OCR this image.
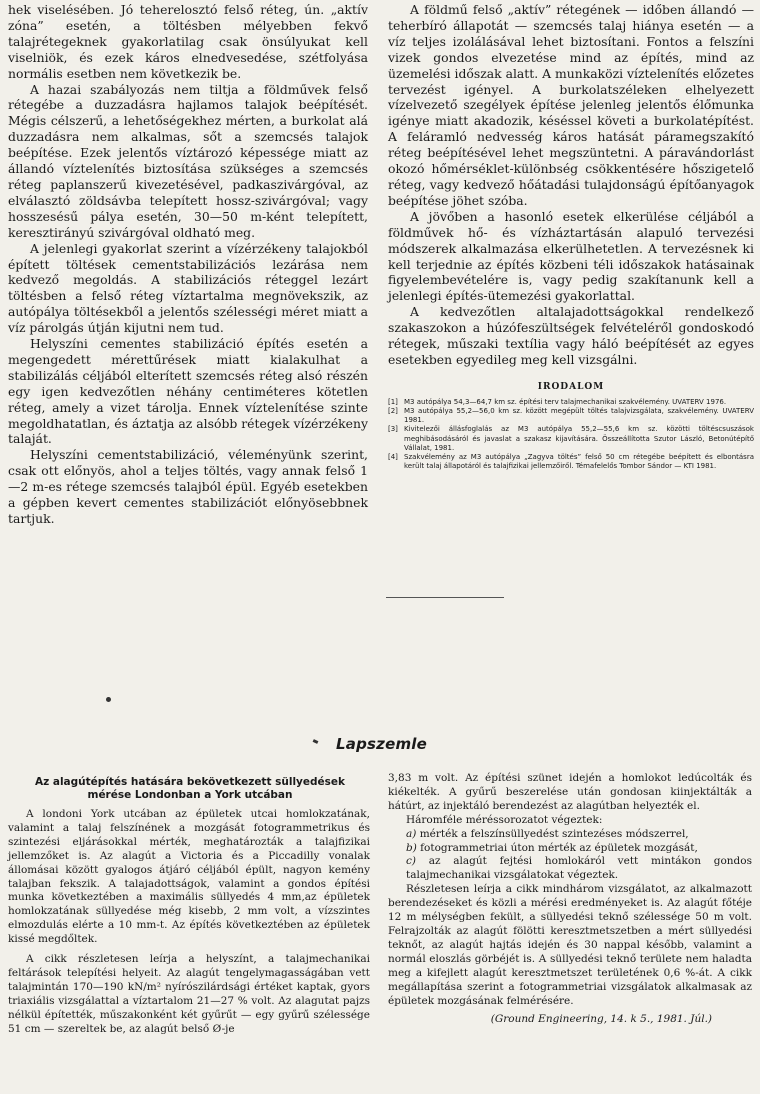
hek viselésében. Jó teherelosztó felső réteg, ún. „aktív zóna” esetén, a töltésben mélyebben fekvő talajrétegeknek gyakorlatilag csak önsúlyukat kell viselniök, és ezek káros elnedvesedése, szétfolyása normális esetben nem következik be.

A hazai szabályozás nem tiltja a földművek felső rétegébe a duzzadásra hajlamos talajok beépítését. Mégis célszerű, a lehetőségekhez mérten, a burkolat alá duzzadásra nem alkalmas, sőt a szemcsés talajok beépítése. Ezek jelentős víztározó képessége miatt az állandó víztelenítés biztosítása szükséges a szemcsés réteg paplanszerű kivezetésével, padkaszivárgóval, az elválasztó zöldsávba telepített hossz-szivárgóval; vagy hosszesésű pálya esetén, 30—50 m-ként telepített, keresztirányú szivárgóval oldható meg.

A jelenlegi gyakorlat szerint a vízérzékeny talajokból épített töltések cementstabilizációs lezárása nem kedvező megoldás. A stabilizációs réteggel lezárt töltésben a felső réteg víztartalma megnövekszik, az autópálya töltésekből a jelentős szélességi méret miatt a víz párolgás útján kijutni nem tud.

Helyszíni cementes stabilizáció építés esetén a megengedett mérettűrések miatt kialakulhat a stabilizálás céljából elterített szemcsés réteg alsó részén egy igen kedvezőtlen néhány centiméteres kötetlen réteg, amely a vizet tárolja. Ennek víztelenítése szinte megoldhatatlan, és áztatja az alsóbb rétegek vízérzékeny talaját.

Helyszíni cementstabilizáció, véleményünk szerint, csak ott előnyös, ahol a teljes töltés, vagy annak felső 1—2 m-es rétege szemcsés talajból épül. Egyéb esetekben a gépben kevert cementes stabilizációt előnyösebbnek tartjuk.

A földmű felső „aktív” rétegének — időben állandó — teherbíró állapotát — szemcsés talaj hiánya esetén — a víz teljes izolálásával lehet biztosítani. Fontos a felszíni vizek gondos elvezetése mind az építés, mind az üzemelési időszak alatt. A munkaközi víztelenítés előzetes tervezést igényel. A burkolatszéleken elhelyezett vízelvezető szegélyek építése jelenleg jelentős élőmunka igénye miatt akadozik, késéssel követi a burkolatépítést. A feláramló nedvesség káros hatását páramegszakító réteg beépítésével lehet megszüntetni. A páravándorlást okozó hőmérséklet-különbség csökkentésére hőszigetelő réteg, vagy kedvező hőátadási tulajdonságú építőanyagok beépítése jöhet szóba.

A jövőben a hasonló esetek elkerülése céljából a földművek hő- és vízháztartásán alapuló tervezési módszerek alkalmazása elkerülhetetlen. A tervezésnek ki kell terjednie az építés közbeni téli időszakok hatásainak figyelembevételére is, vagy pedig szakítanunk kell a jelenlegi építés-ütemezési gyakorlattal.

A kedvezőtlen altalajadottságokkal rendelkező szakaszokon a húzófeszültségek felvételéről gondoskodó rétegek, műszaki textília vagy háló beépítését az egyes esetekben egyedileg meg kell vizsgálni.

IRODALOM
[1] M3 autópálya 54,3—64,7 km sz. építési terv talajmechanikai szakvélemény. UVATERV 1976.
[2] M3 autópálya 55,2—56,0 km sz. között megépült töltés talajvizsgálata, szakvélemény. UVATERV 1981.
[3] Kivitelezői állásfoglalás az M3 autópálya 55,2—55,6 km sz. közötti töltéscsuszások meghibásodásáról és javaslat a szakasz kijavítására. Összeállította Szutor László, Betonútépítő Vállalat, 1981.
[4] Szakvélemény az M3 autópálya „Zagyva töltés” felső 50 cm rétegébe beépített és elbontásra került talaj állapotáról és talajfizikai jellemzőiről. Témafelelős Tombor Sándor — KTI 1981.
Lapszemle
Az alagútépítés hatására bekövetkezett süllyedések mérése Londonban a York utcában

A londoni York utcában az épületek utcai homlokzatának, valamint a talaj felszínének a mozgását fotogrammetrikus és szintezési eljárásokkal mérték, meghatározták a talajfizikai jellemzőket is. Az alagút a Victoria és a Piccadilly vonalak állomásai között gyalogos átjáró céljából épült, nagyon kemény talajban fekszik. A talajadottságok, valamint a gondos építési munka következtében a maximális süllyedés 4 mm,az épületek homlokzatának süllyedése még kisebb, 2 mm volt, a vízszintes elmozdulás elérte a 10 mm-t. Az építés következtében az épületek kissé megdőltek.

A cikk részletesen leírja a helyszínt, a talajmechanikai feltárások telepítési helyeit. Az alagút tengelymagasságában vett talajmintán 170—190 kN/m² nyírószilárdsági értéket kaptak, gyors triaxiális vizsgálattal a víztartalom 21—27 % volt. Az alagutat pajzs nélkül építették, műszakonként két gyűrűt — egy gyűrű szélessége 51 cm — szereltek be, az alagút belső Ø-je

3,83 m volt. Az építési szünet idején a homlokot ledúcolták és kiékelték. A gyűrű beszerelése után gondosan kiinjektálták a hátúrt, az injektáló berendezést az alagútban helyezték el.

Háromféle méréssorozatot végeztek:

a) mérték a felszínsüllyedést szintezéses módszerrel,
b) fotogrammetriai úton mérték az épületek mozgását,
c) az alagút fejtési homlokáról vett mintákon gondos talajmechanikai vizsgálatokat végeztek.

Részletesen leírja a cikk mindhárom vizsgálatot, az alkalmazott berendezéseket és közli a mérési eredményeket is. Az alagút főtéje 12 m mélységben fekült, a süllyedési teknő szélessége 50 m volt. Felrajzolták az alagút fölötti keresztmetszetben a mért süllyedési teknőt, az alagút hajtás idején és 30 nappal később, valamint a normál eloszlás görbéjét is. A süllyedési teknő területe nem haladta meg a kifejlett alagút keresztmetszet területének 0,6 %-át. A cikk megállapítása szerint a fotogrammetriai vizsgálatok alkalmasak az épületek mozgásának felmérésére.

(Ground Engineering, 14. k 5., 1981. Júl.)
